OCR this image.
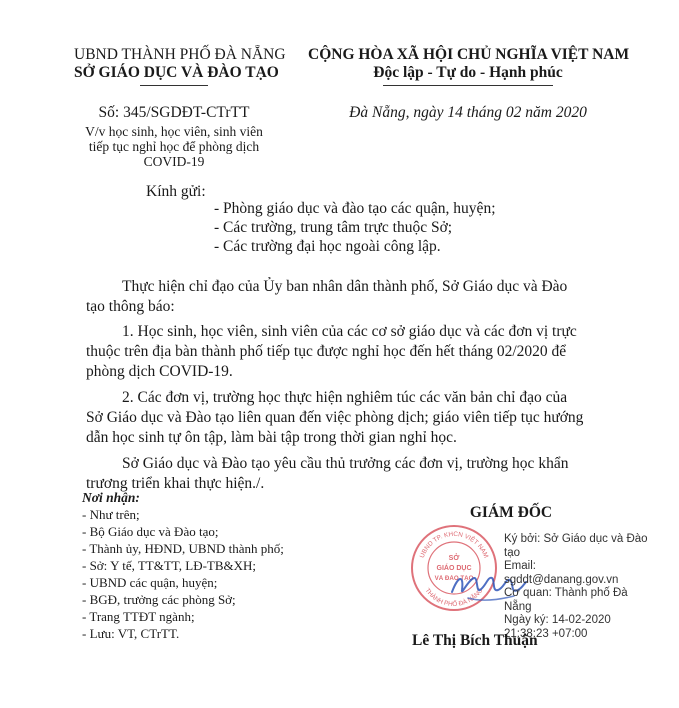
UBND THÀNH PHỐ ĐÀ NẴNG
SỞ GIÁO DỤC VÀ ĐÀO TẠO
CỘNG HÒA XÃ HỘI CHỦ NGHĨA VIỆT NAM
Độc lập - Tự do - Hạnh phúc
Số: 345/SGDĐT-CTrTT
V/v học sinh, học viên, sinh viên
tiếp tục nghỉ học để phòng dịch
COVID-19
Đà Nẵng, ngày 14 tháng 02 năm 2020
Kính gửi:
- Phòng giáo dục và đào tạo các quận, huyện;
- Các trường, trung tâm trực thuộc Sở;
- Các trường đại học ngoài công lập.
Thực hiện chỉ đạo của Ủy ban nhân dân thành phố, Sở Giáo dục và Đào
tạo thông báo:
1. Học sinh, học viên, sinh viên của các cơ sở giáo dục và các đơn vị trực
thuộc trên địa bàn thành phố tiếp tục được nghỉ học đến hết tháng 02/2020 để
phòng dịch COVID-19.
2. Các đơn vị, trường học thực hiện nghiêm túc các văn bản chỉ đạo của
Sở Giáo dục và Đào tạo liên quan đến việc phòng dịch; giáo viên tiếp tục hướng
dẫn học sinh tự ôn tập, làm bài tập trong thời gian nghỉ học.
Sở Giáo dục và Đào tạo yêu cầu thủ trưởng các đơn vị, trường học khẩn
trương triển khai thực hiện./.
Nơi nhận:
- Như trên;
- Bộ Giáo dục và Đào tạo;
- Thành ủy, HĐND, UBND thành phố;
- Sở: Y tế, TT&TT, LĐ-TB&XH;
- UBND các quận, huyện;
- BGĐ, trưởng các phòng Sở;
- Trang TTĐT ngành;
- Lưu: VT, CTrTT.
GIÁM ĐỐC
UBND TP. KHCN VIỆT NAM
THÀNH PHỐ ĐÀ NẴNG
SỞ
GIÁO DỤC
VÀ ĐÀO TẠO
Ký bởi: Sở Giáo dục và Đào
tạo
Email:
sgddt@danang.gov.vn
Cơ quan: Thành phố Đà
Nẵng
Ngày ký: 14-02-2020
21:38:23 +07:00
Lê Thị Bích Thuận
